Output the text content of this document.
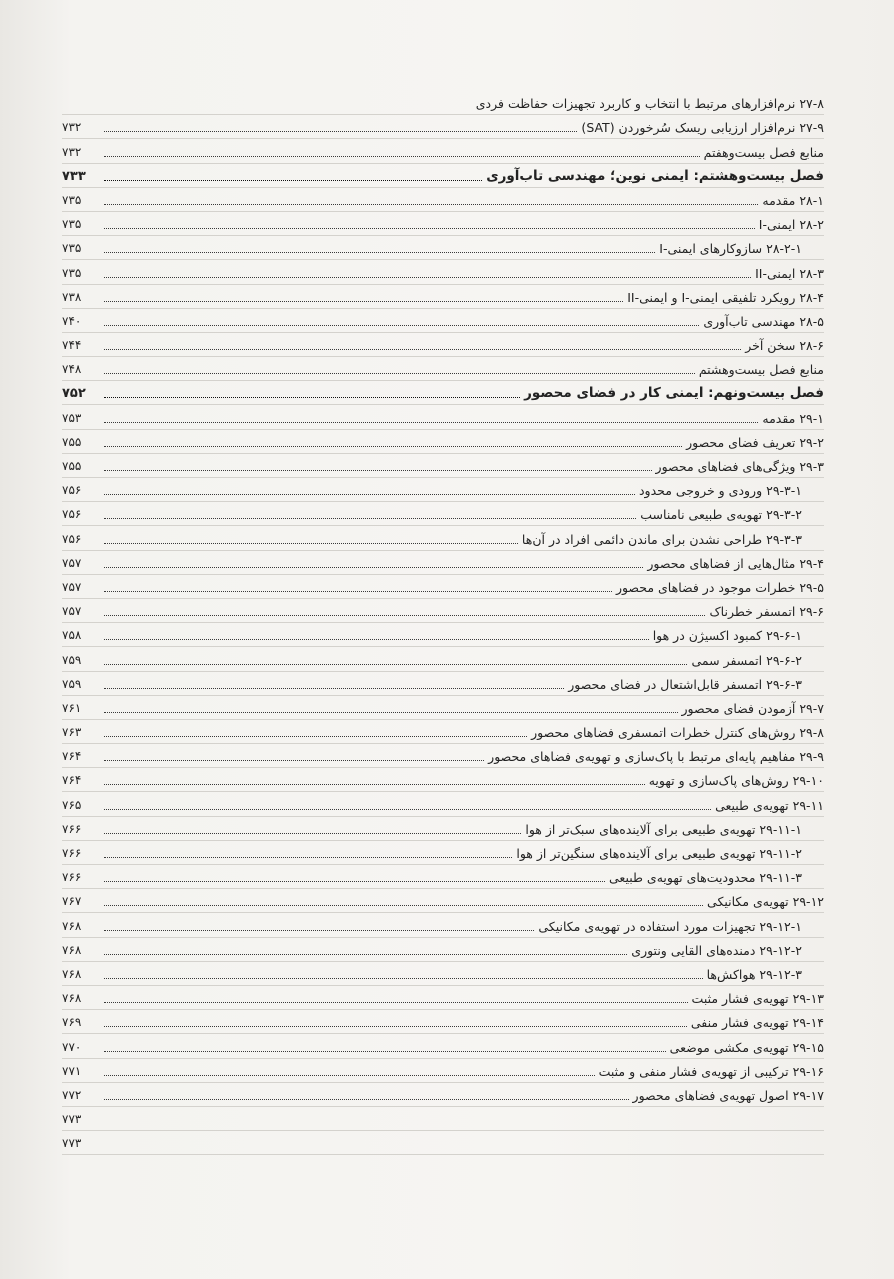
۲۷-۸ نرم‌افزارهای مرتبط با انتخاب و کاربرد تجهیزات حفاظت فردی
۷۳۲	۲۷-۹ نرم‌افزار ارزیابی ریسک سُرخوردن (SAT)
۷۳۲	منابع فصل بیست‌وهفتم
۷۳۳	فصل بیست‌وهشتم: ایمنی نوین؛ مهندسی تاب‌آوری
۷۳۵	۲۸-۱ مقدمه
۷۳۵	۲۸-۲ ایمنی-I
۷۳۵	۲۸-۲-۱ سازوکارهای ایمنی-I
۷۳۵	۲۸-۳ ایمنی-II
۷۳۸	۲۸-۴ رویکرد تلفیقی ایمنی-I و ایمنی-II
۷۴۰	۲۸-۵ مهندسی تاب‌آوری
۷۴۴	۲۸-۶ سخن آخر
۷۴۸	منابع فصل بیست‌وهشتم
۷۵۲	فصل بیست‌ونهم: ایمنی کار در فضای محصور
۷۵۳	۲۹-۱ مقدمه
۷۵۵	۲۹-۲ تعریف فضای محصور
۷۵۵	۲۹-۳ ویژگی‌های فضاهای محصور
۷۵۶	۲۹-۳-۱ ورودی و خروجی محدود
۷۵۶	۲۹-۳-۲ تهویه‌ی طبیعی نامناسب
۷۵۶	۲۹-۳-۳ طراحی نشدن برای ماندن دائمی افراد در آن‌ها
۷۵۷	۲۹-۴ مثال‌هایی از فضاهای محصور
۷۵۷	۲۹-۵ خطرات موجود در فضاهای محصور
۷۵۷	۲۹-۶ اتمسفر خطرناک
۷۵۸	۲۹-۶-۱ کمبود اکسیژن در هوا
۷۵۹	۲۹-۶-۲ اتمسفر سمی
۷۵۹	۲۹-۶-۳ اتمسفر قابل‌اشتعال در فضای محصور
۷۶۱	۲۹-۷ آزمودن فضای محصور
۷۶۳	۲۹-۸ روش‌های کنترل خطرات اتمسفری فضاهای محصور
۷۶۴	۲۹-۹ مفاهیم پایه‌ای مرتبط با پاک‌سازی و تهویه‌ی فضاهای محصور
۷۶۴	۲۹-۱۰ روش‌های پاک‌سازی و تهویه
۷۶۵	۲۹-۱۱ تهویه‌ی طبیعی
۷۶۶	۲۹-۱۱-۱ تهویه‌ی طبیعی برای آلاینده‌های سبک‌تر از هوا
۷۶۶	۲۹-۱۱-۲ تهویه‌ی طبیعی برای آلاینده‌های سنگین‌تر از هوا
۷۶۶	۲۹-۱۱-۳ محدودیت‌های تهویه‌ی طبیعی
۷۶۷	۲۹-۱۲ تهویه‌ی مکانیکی
۷۶۸	۲۹-۱۲-۱ تجهیزات مورد استفاده در تهویه‌ی مکانیکی
۷۶۸	۲۹-۱۲-۲ دمنده‌های القایی ونتوری
۷۶۸	۲۹-۱۲-۳ هواکش‌ها
۷۶۸	۲۹-۱۳ تهویه‌ی فشار مثبت
۷۶۹	۲۹-۱۴ تهویه‌ی فشار منفی
۷۷۰	۲۹-۱۵ تهویه‌ی مکشی موضعی
۷۷۱	۲۹-۱۶ ترکیبی از تهویه‌ی فشار منفی و مثبت
۷۷۲	۲۹-۱۷ اصول تهویه‌ی فضاهای محصور
۷۷۳
۷۷۳
